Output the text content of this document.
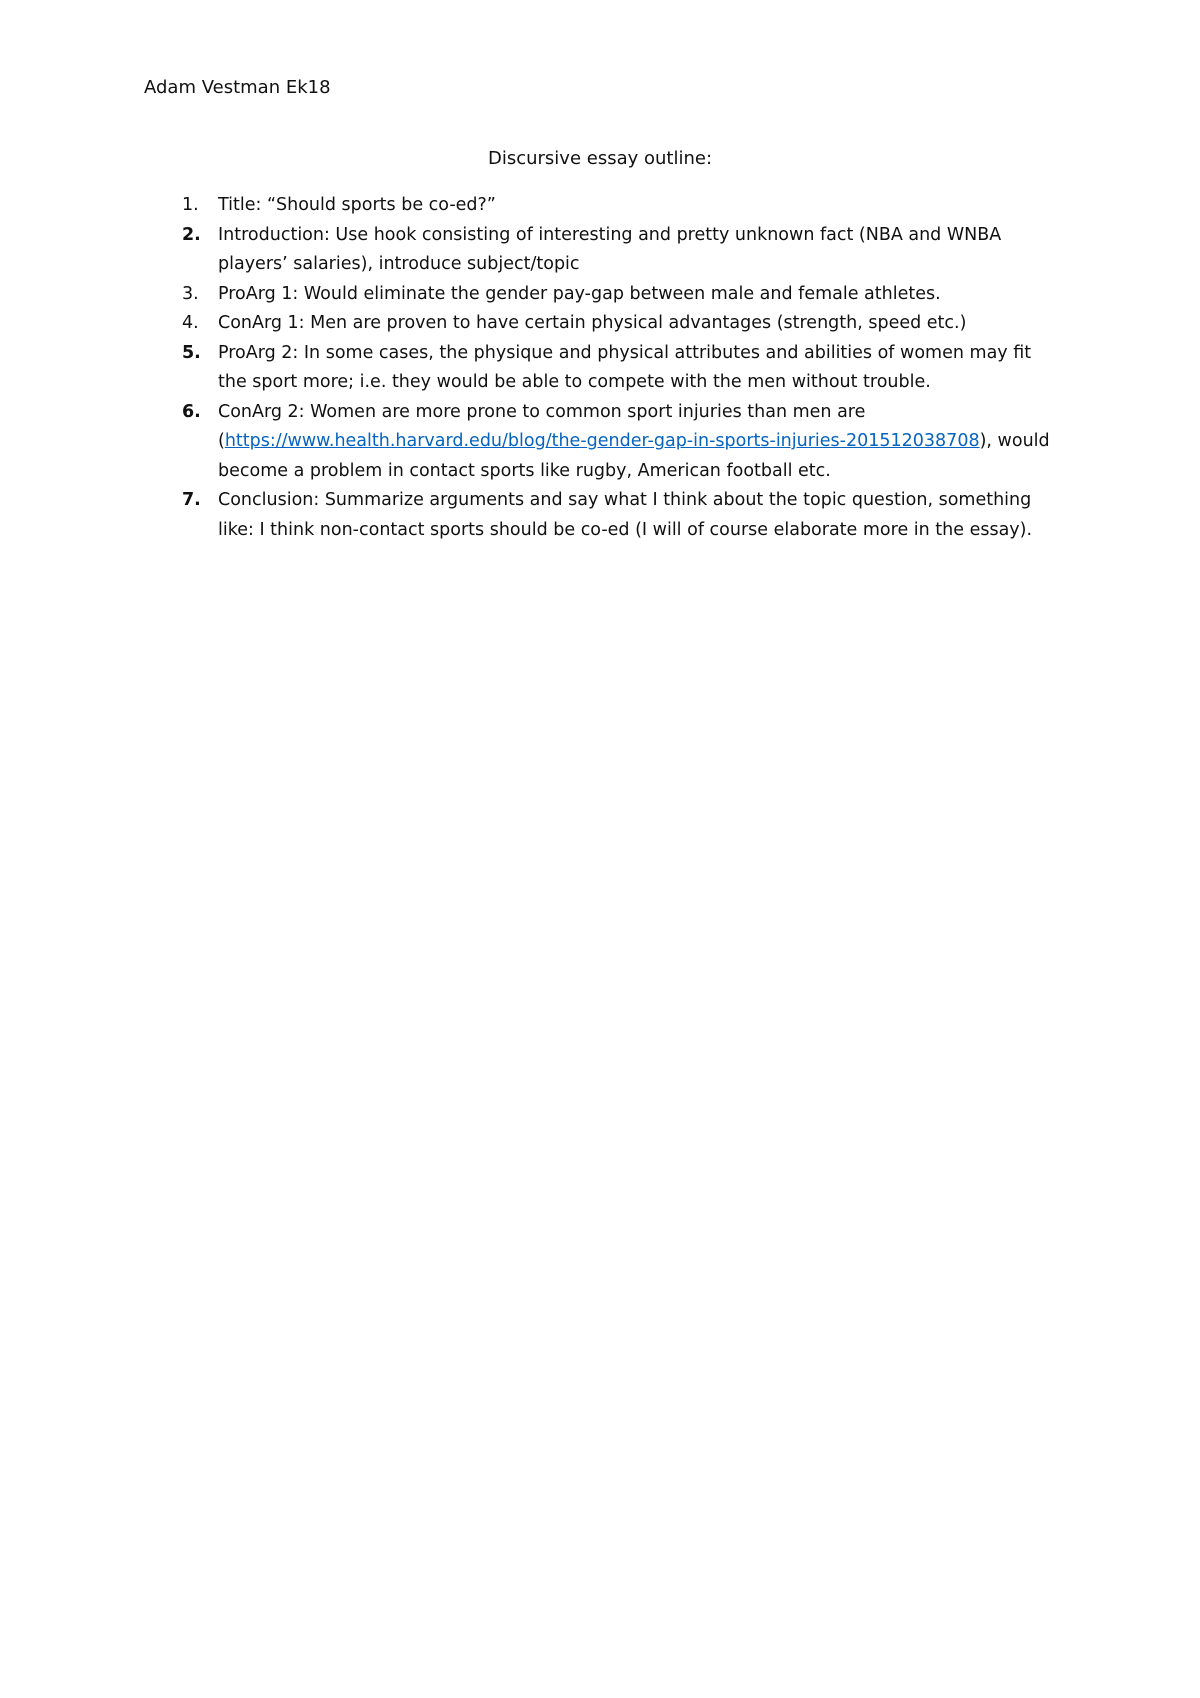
Adam Vestman Ek18
Discursive essay outline:
1. Title: “Should sports be co-ed?”
2. Introduction: Use hook consisting of interesting and pretty unknown fact (NBA and WNBA players’ salaries), introduce subject/topic
3. ProArg 1: Would eliminate the gender pay-gap between male and female athletes.
4. ConArg 1: Men are proven to have certain physical advantages (strength, speed etc.)
5. ProArg 2: In some cases, the physique and physical attributes and abilities of women may fit the sport more; i.e. they would be able to compete with the men without trouble.
6. ConArg 2: Women are more prone to common sport injuries than men are (https://www.health.harvard.edu/blog/the-gender-gap-in-sports-injuries-201512038708), would become a problem in contact sports like rugby, American football etc.
7. Conclusion: Summarize arguments and say what I think about the topic question, something like: I think non-contact sports should be co-ed (I will of course elaborate more in the essay).
